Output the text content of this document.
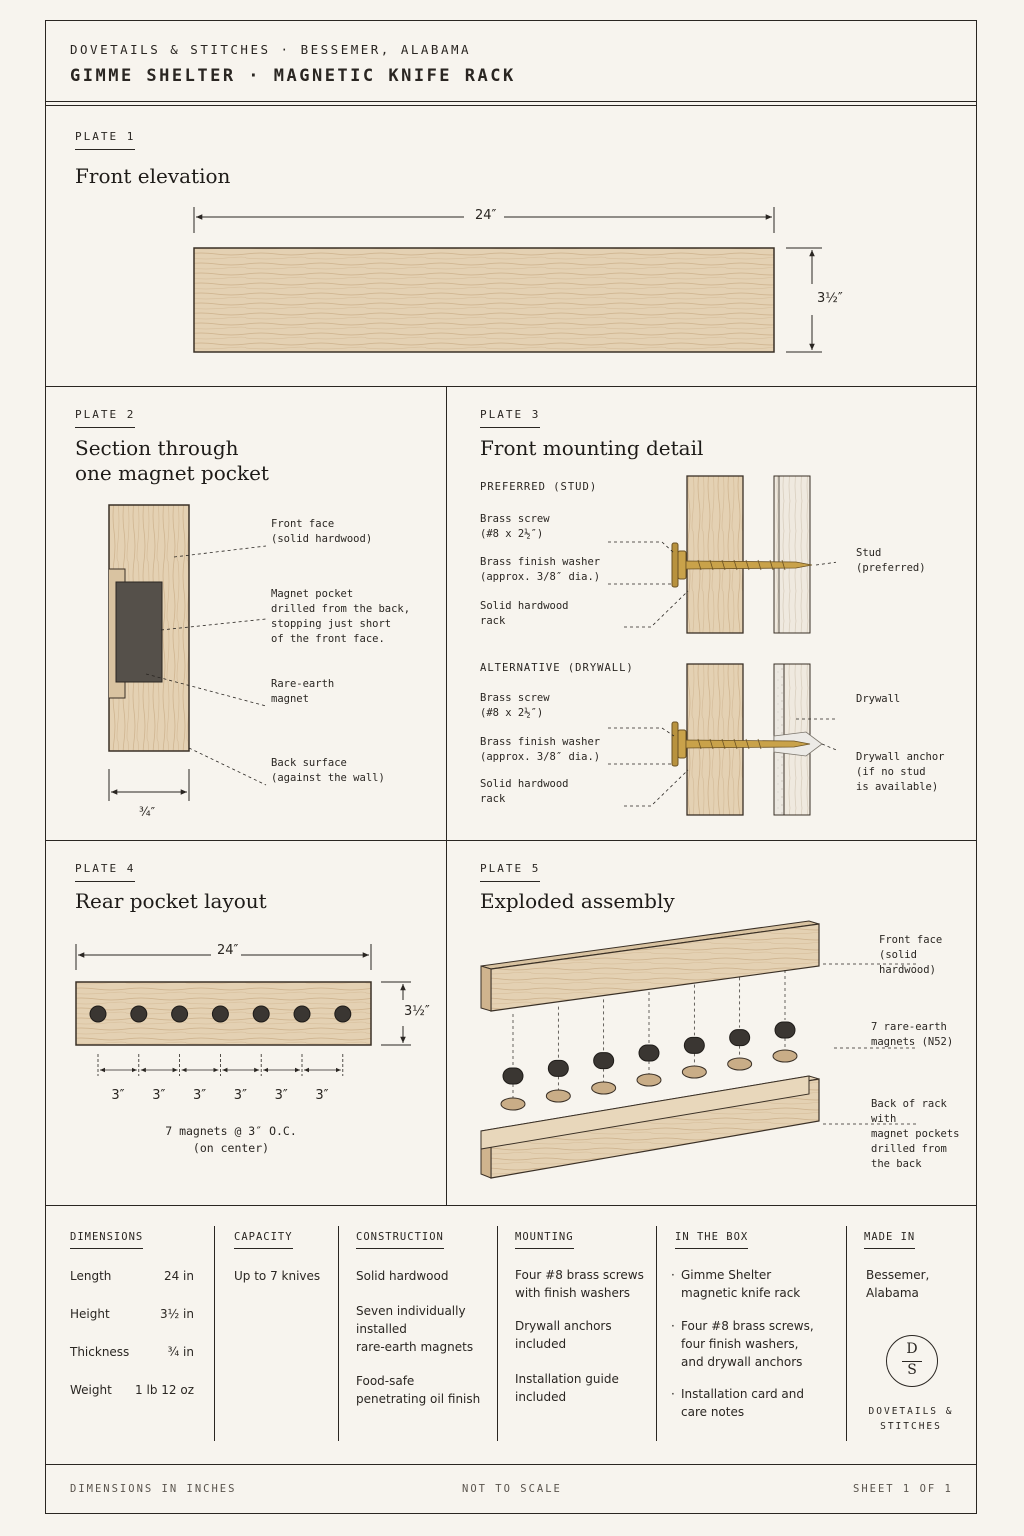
DOVETAILS & STITCHES · BESSEMER, ALABAMA
GIMME SHELTER · MAGNETIC KNIFE RACK
PLATE 1
Front elevation
24″
3½″
PLATE 2
Section through
one magnet pocket
Front face
(solid hardwood)
Magnet pocket
drilled from the back,
stopping just short
of the front face.
Rare-earth
magnet
Back surface
(against the wall)
¾″
PLATE 3
Front mounting detail
PREFERRED (STUD)
Brass screw
(#8 x 2½″)
Brass finish washer
(approx. 3/8″ dia.)
Solid hardwood
rack
Stud
(preferred)
ALTERNATIVE (DRYWALL)
Brass screw
(#8 x 2½″)
Brass finish washer
(approx. 3/8″ dia.)
Solid hardwood
rack
Drywall
Drywall anchor
(if no stud
is available)
PLATE 4
Rear pocket layout
24″
3½″
3″ 3″ 3″ 3″ 3″ 3″
7 magnets @ 3″ O.C.
(on center)
PLATE 5
Exploded assembly
Front face
(solid
hardwood)
7 rare-earth
magnets (N52)
Back of rack with
magnet pockets
drilled from
the back
DIMENSIONS
Length	24 in
Height	3½ in
Thickness	¾ in
Weight	1 lb 12 oz
CAPACITY
Up to 7 knives
CONSTRUCTION
Solid hardwood
Seven individually
installed
rare-earth magnets
Food-safe
penetrating oil finish
MOUNTING
Four #8 brass screws
with finish washers
Drywall anchors
included
Installation guide
included
IN THE BOX
· Gimme Shelter
magnetic knife rack
· Four #8 brass screws,
four finish washers,
and drywall anchors
· Installation card and
care notes
MADE IN
Bessemer,
Alabama
D
S
DOVETAILS &
STITCHES
DIMENSIONS IN INCHES	NOT TO SCALE	SHEET 1 OF 1
